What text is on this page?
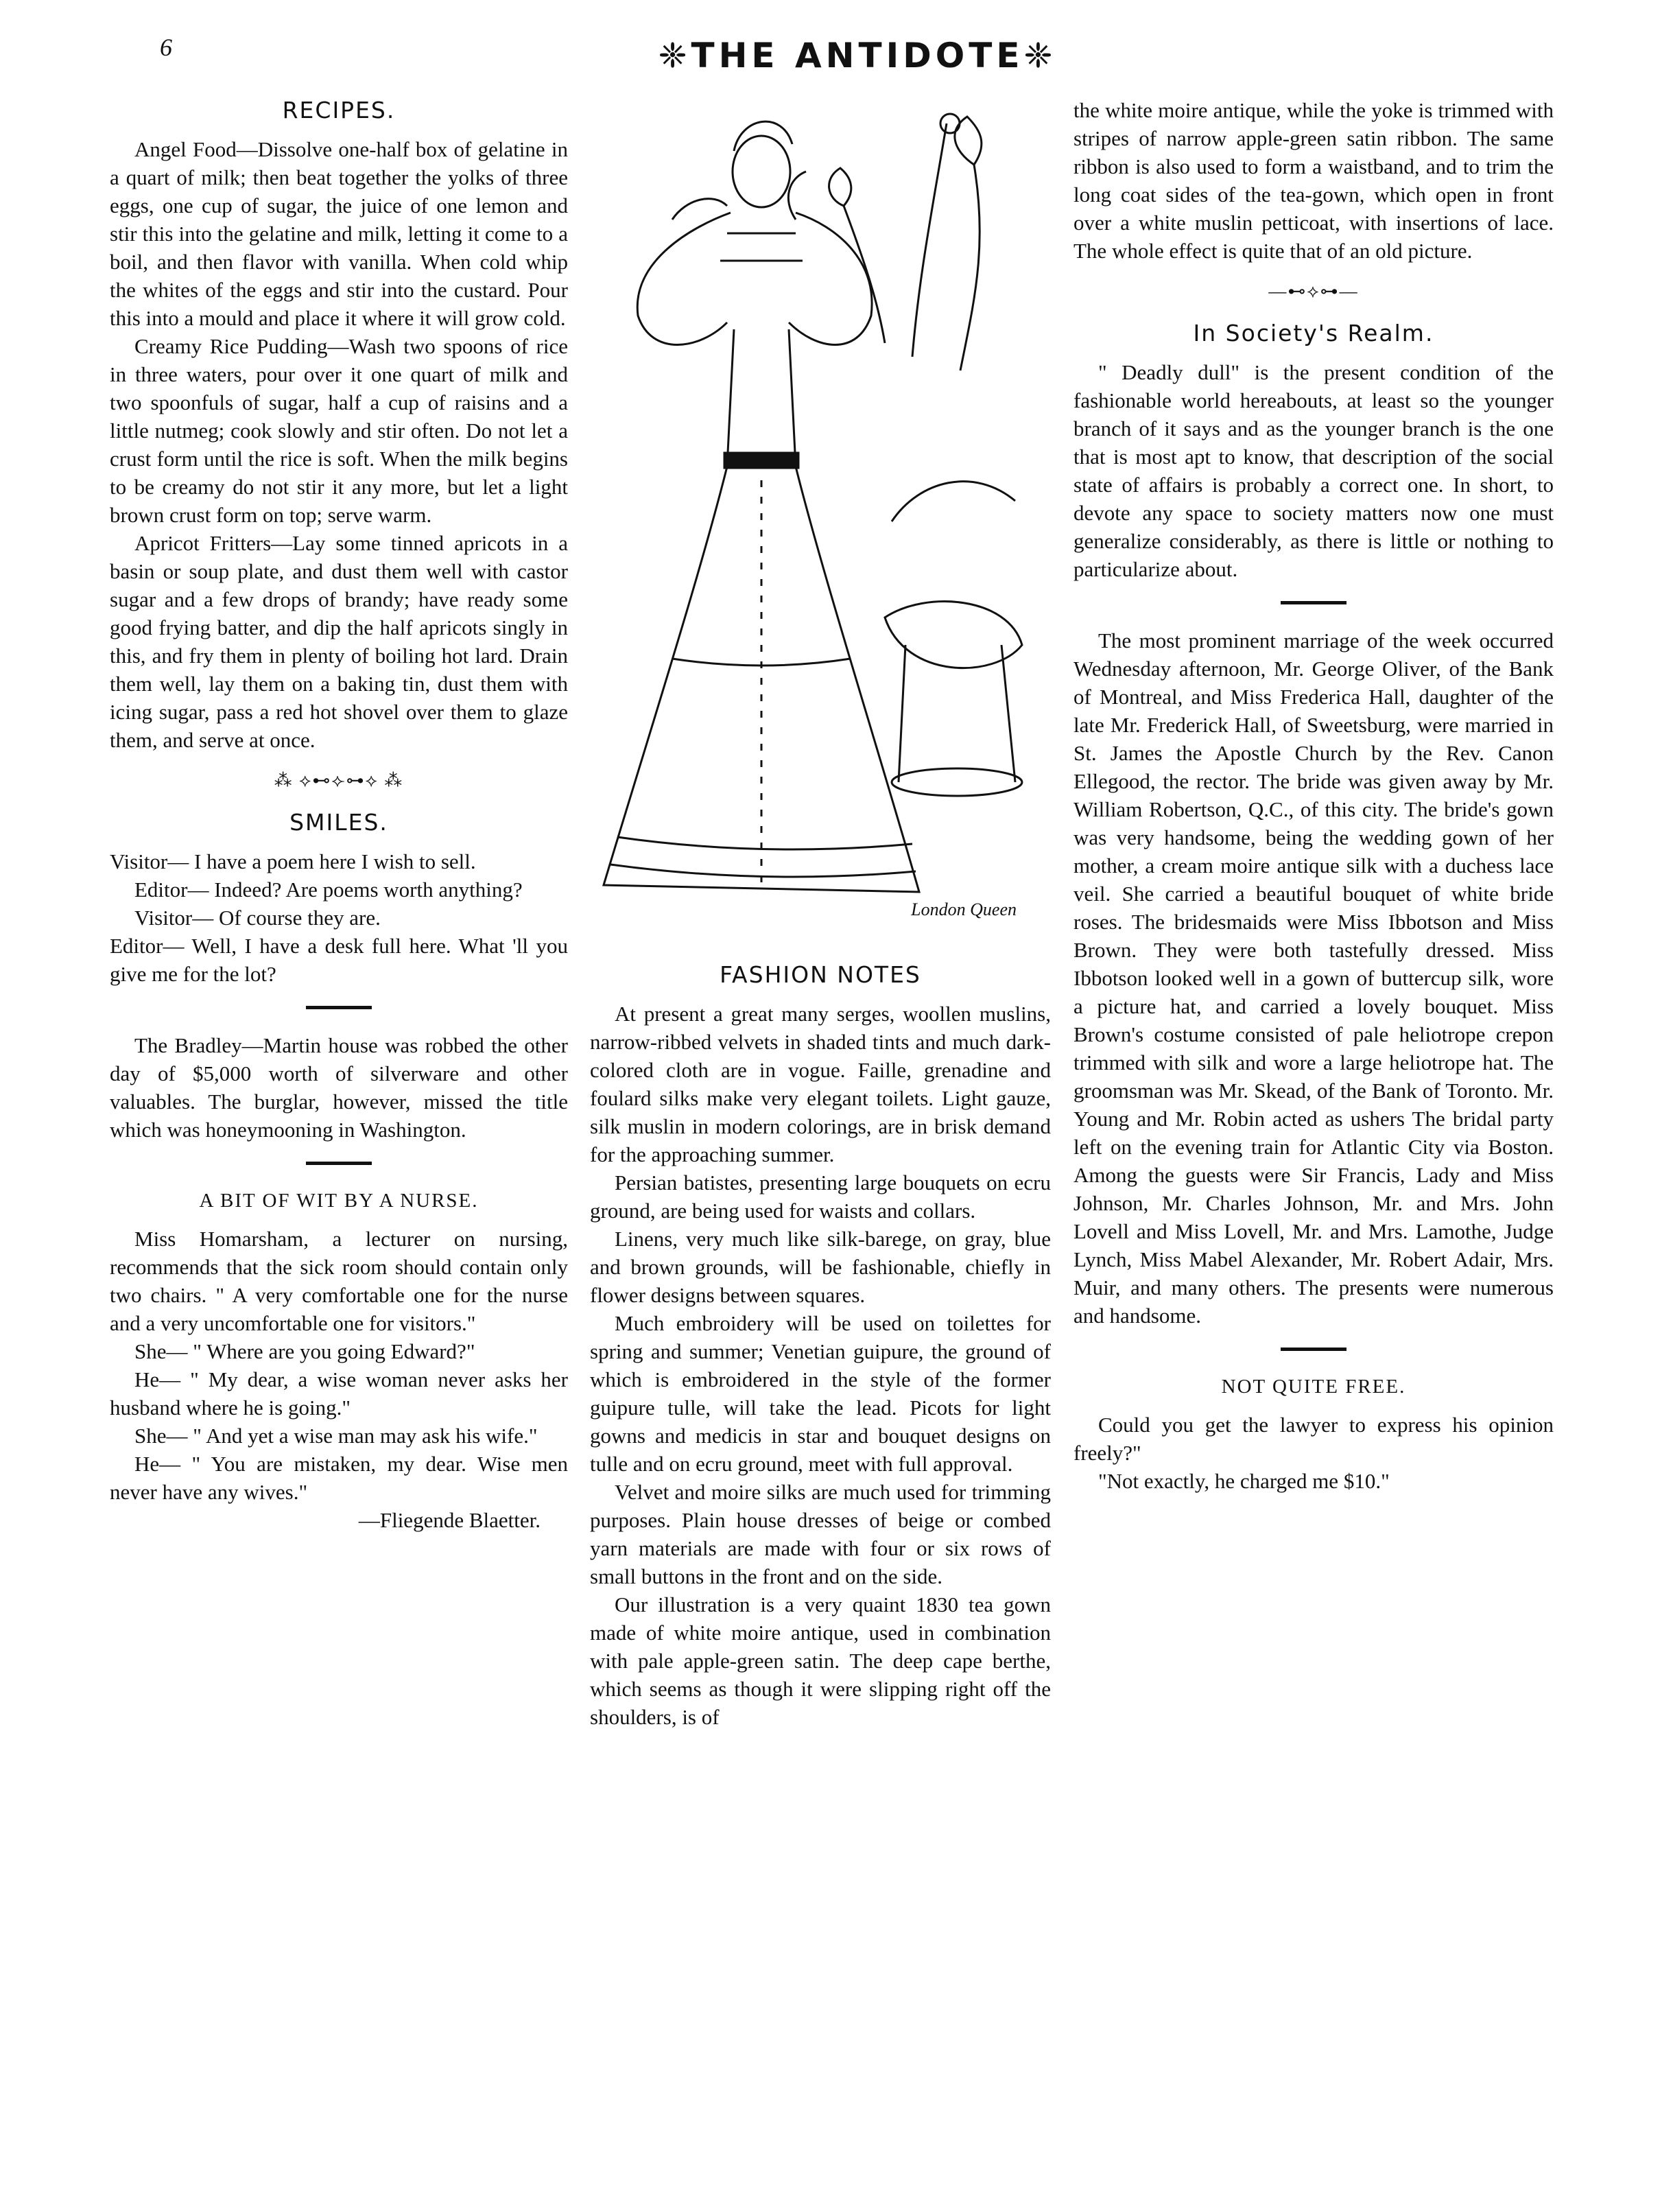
6	❈THE ANTIDOTE❈
RECIPES.

Angel Food—Dissolve one-half box of gelatine in a quart of milk; then beat together the yolks of three eggs, one cup of sugar, the juice of one lemon and stir this into the gelatine and milk, letting it come to a boil, and then flavor with vanilla. When cold whip the whites of the eggs and stir into the custard. Pour this into a mould and place it where it will grow cold.

Creamy Rice Pudding—Wash two spoons of rice in three waters, pour over it one quart of milk and two spoonfuls of sugar, half a cup of raisins and a little nutmeg; cook slowly and stir often. Do not let a crust form until the rice is soft. When the milk begins to be creamy do not stir it any more, but let a light brown crust form on top; serve warm.

Apricot Fritters—Lay some tinned apricots in a basin or soup plate, and dust them well with castor sugar and a few drops of brandy; have ready some good frying batter, and dip the half apricots singly in this, and fry them in plenty of boiling hot lard. Drain them well, lay them on a baking tin, dust them with icing sugar, pass a red hot shovel over them to glaze them, and serve at once.

⁂ ⟡⊷⟣⊶⟡ ⁂
SMILES.

Visitor— I have a poem here I wish to sell.

Editor— Indeed? Are poems worth anything?

Visitor— Of course they are.

Editor— Well, I have a desk full here. What 'll you give me for the lot?

The Bradley—Martin house was robbed the other day of $5,000 worth of silverware and other valuables. The burglar, however, missed the title which was honeymooning in Washington.

A BIT OF WIT BY A NURSE.

Miss Homarsham, a lecturer on nursing, recommends that the sick room should contain only two chairs. " A very comfortable one for the nurse and a very uncomfortable one for visitors."

She— " Where are you going Edward?"

He— " My dear, a wise woman never asks her husband where he is going."

She— " And yet a wise man may ask his wife."

He— " You are mistaken, my dear. Wise men never have any wives."

—Fliegende Blaetter.

London Queen
FASHION NOTES

At present a great many serges, woollen muslins, narrow-ribbed velvets in shaded tints and much dark-colored cloth are in vogue. Faille, grenadine and foulard silks make very elegant toilets. Light gauze, silk muslin in modern colorings, are in brisk demand for the approaching summer.

Persian batistes, presenting large bouquets on ecru ground, are being used for waists and collars.

Linens, very much like silk-barege, on gray, blue and brown grounds, will be fashionable, chiefly in flower designs between squares.

Much embroidery will be used on toilettes for spring and summer; Venetian guipure, the ground of which is embroidered in the style of the former guipure tulle, will take the lead. Picots for light gowns and medicis in star and bouquet designs on tulle and on ecru ground, meet with full approval.

Velvet and moire silks are much used for trimming purposes. Plain house dresses of beige or combed yarn materials are made with four or six rows of small buttons in the front and on the side.

Our illustration is a very quaint 1830 tea gown made of white moire antique, used in combination with pale apple-green satin. The deep cape berthe, which seems as though it were slipping right off the shoulders, is of

the white moire antique, while the yoke is trimmed with stripes of narrow apple-green satin ribbon. The same ribbon is also used to form a waistband, and to trim the long coat sides of the tea-gown, which open in front over a white muslin petticoat, with insertions of lace. The whole effect is quite that of an old picture.

—⊷⟡⊶—
In Society's Realm.

" Deadly dull" is the present condition of the fashionable world hereabouts, at least so the younger branch of it says and as the younger branch is the one that is most apt to know, that description of the social state of affairs is probably a correct one. In short, to devote any space to society matters now one must generalize considerably, as there is little or nothing to particularize about.

The most prominent marriage of the week occurred Wednesday afternoon, Mr. George Oliver, of the Bank of Montreal, and Miss Frederica Hall, daughter of the late Mr. Frederick Hall, of Sweetsburg, were married in St. James the Apostle Church by the Rev. Canon Ellegood, the rector. The bride was given away by Mr. William Robertson, Q.C., of this city. The bride's gown was very handsome, being the wedding gown of her mother, a cream moire antique silk with a duchess lace veil. She carried a beautiful bouquet of white bride roses. The bridesmaids were Miss Ibbotson and Miss Brown. They were both tastefully dressed. Miss Ibbotson looked well in a gown of buttercup silk, wore a picture hat, and carried a lovely bouquet. Miss Brown's costume consisted of pale heliotrope crepon trimmed with silk and wore a large heliotrope hat. The groomsman was Mr. Skead, of the Bank of Toronto. Mr. Young and Mr. Robin acted as ushers The bridal party left on the evening train for Atlantic City via Boston. Among the guests were Sir Francis, Lady and Miss Johnson, Mr. Charles Johnson, Mr. and Mrs. John Lovell and Miss Lovell, Mr. and Mrs. Lamothe, Judge Lynch, Miss Mabel Alexander, Mr. Robert Adair, Mrs. Muir, and many others. The presents were numerous and handsome.

NOT QUITE FREE.

Could you get the lawyer to express his opinion freely?"

"Not exactly, he charged me $10."
